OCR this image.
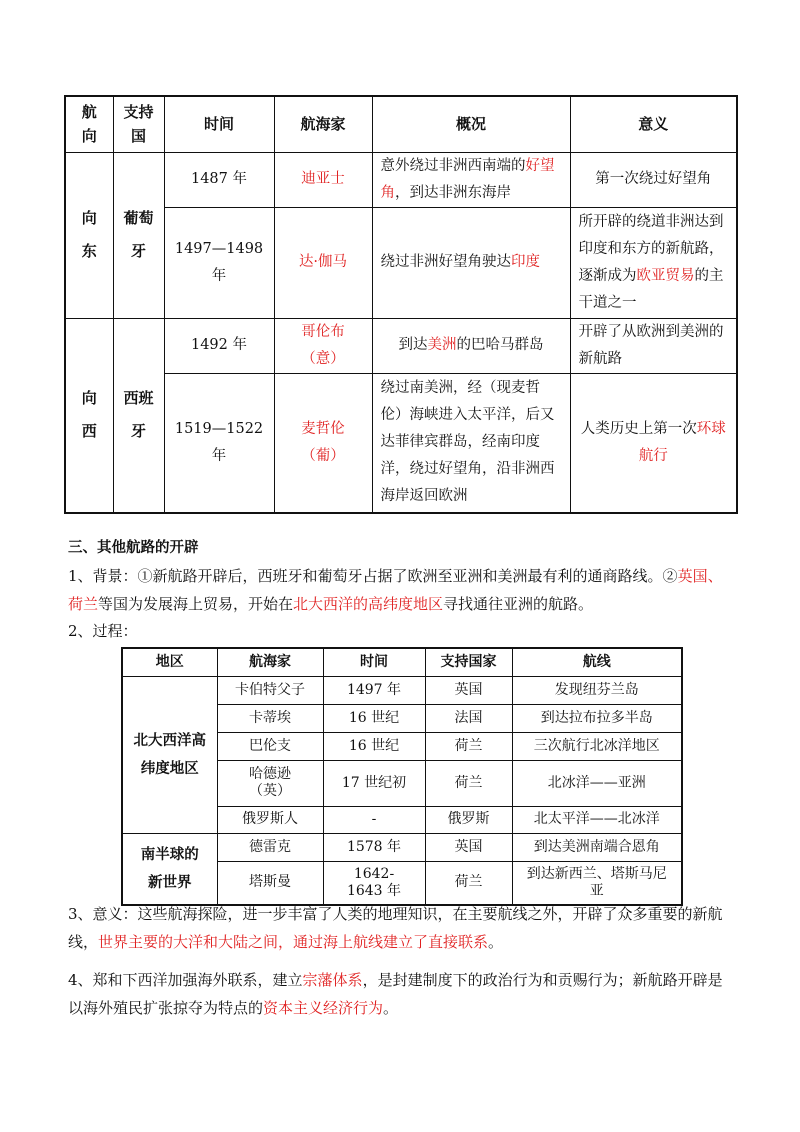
航向	支持国	时间	航海家	概况	意义
向东	葡萄牙	1487 年	迪亚士	意外绕过非洲西南端的好望角，到达非洲东海岸	第一次绕过好望角
		1497—1498 年	达·伽马	绕过非洲好望角驶达印度	所开辟的绕道非洲达到印度和东方的新航路，逐渐成为欧亚贸易的主干道之一
向西	西班牙	1492 年	哥伦布（意）	到达美洲的巴哈马群岛	开辟了从欧洲到美洲的新航路
		1519—1522 年	麦哲伦（葡）	绕过南美洲，经（现麦哲伦）海峡进入太平洋，后又达菲律宾群岛，经南印度洋，绕过好望角，沿非洲西海岸返回欧洲	人类历史上第一次环球航行
三、其他航路的开辟
1、背景：①新航路开辟后，西班牙和葡萄牙占据了欧洲至亚洲和美洲最有利的通商路线。②英国、荷兰等国为发展海上贸易，开始在北大西洋的高纬度地区寻找通往亚洲的航路。
2、过程：
地区	航海家	时间	支持国家	航线
北大西洋高纬度地区	卡伯特父子	1497 年	英国	发现纽芬兰岛
	卡蒂埃	16 世纪	法国	到达拉布拉多半岛
	巴伦支	16 世纪	荷兰	三次航行北冰洋地区
	哈德逊（英）	17 世纪初	荷兰	北冰洋——亚洲
	俄罗斯人	-	俄罗斯	北太平洋——北冰洋
南半球的新世界	德雷克	1578 年	英国	到达美洲南端合恩角
	塔斯曼	1642-1643 年	荷兰	到达新西兰、塔斯马尼亚
3、意义：这些航海探险，进一步丰富了人类的地理知识，在主要航线之外，开辟了众多重要的新航线，世界主要的大洋和大陆之间，通过海上航线建立了直接联系。
4、郑和下西洋加强海外联系，建立宗藩体系，是封建制度下的政治行为和贡赐行为；新航路开辟是以海外殖民扩张掠夺为特点的资本主义经济行为。
